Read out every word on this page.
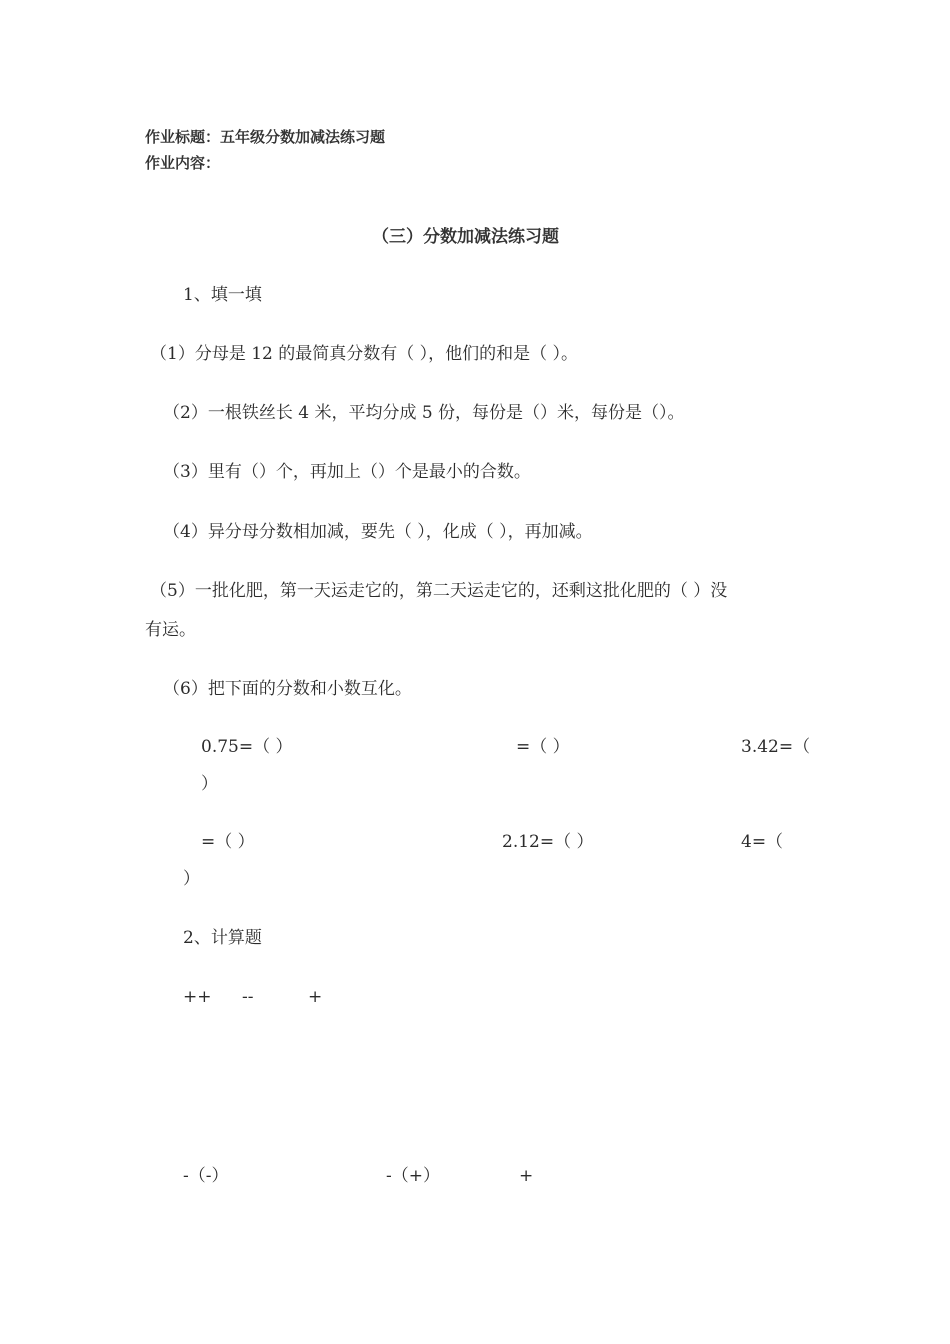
作业标题：五年级分数加减法练习题
作业内容：
（三）分数加减法练习题
1、填一填
（1）分母是 12 的最简真分数有（ ），他们的和是（ ）。
（2）一根铁丝长 4 米，平均分成 5 份，每份是（）米，每份是（）。
（3）里有（）个，再加上（）个是最小的合数。
（4）异分母分数相加减，要先（ ），化成（ ），再加减。
（5）一批化肥，第一天运走它的，第二天运走它的，还剩这批化肥的（ ）没
有运。
（6）把下面的分数和小数互化。
0.75=（ ）	=（ ）	3.42=（
）
=（ ）	2.12=（ ）	4=（
）
2、计算题
++ --	+
-（-）	-（+）	+
